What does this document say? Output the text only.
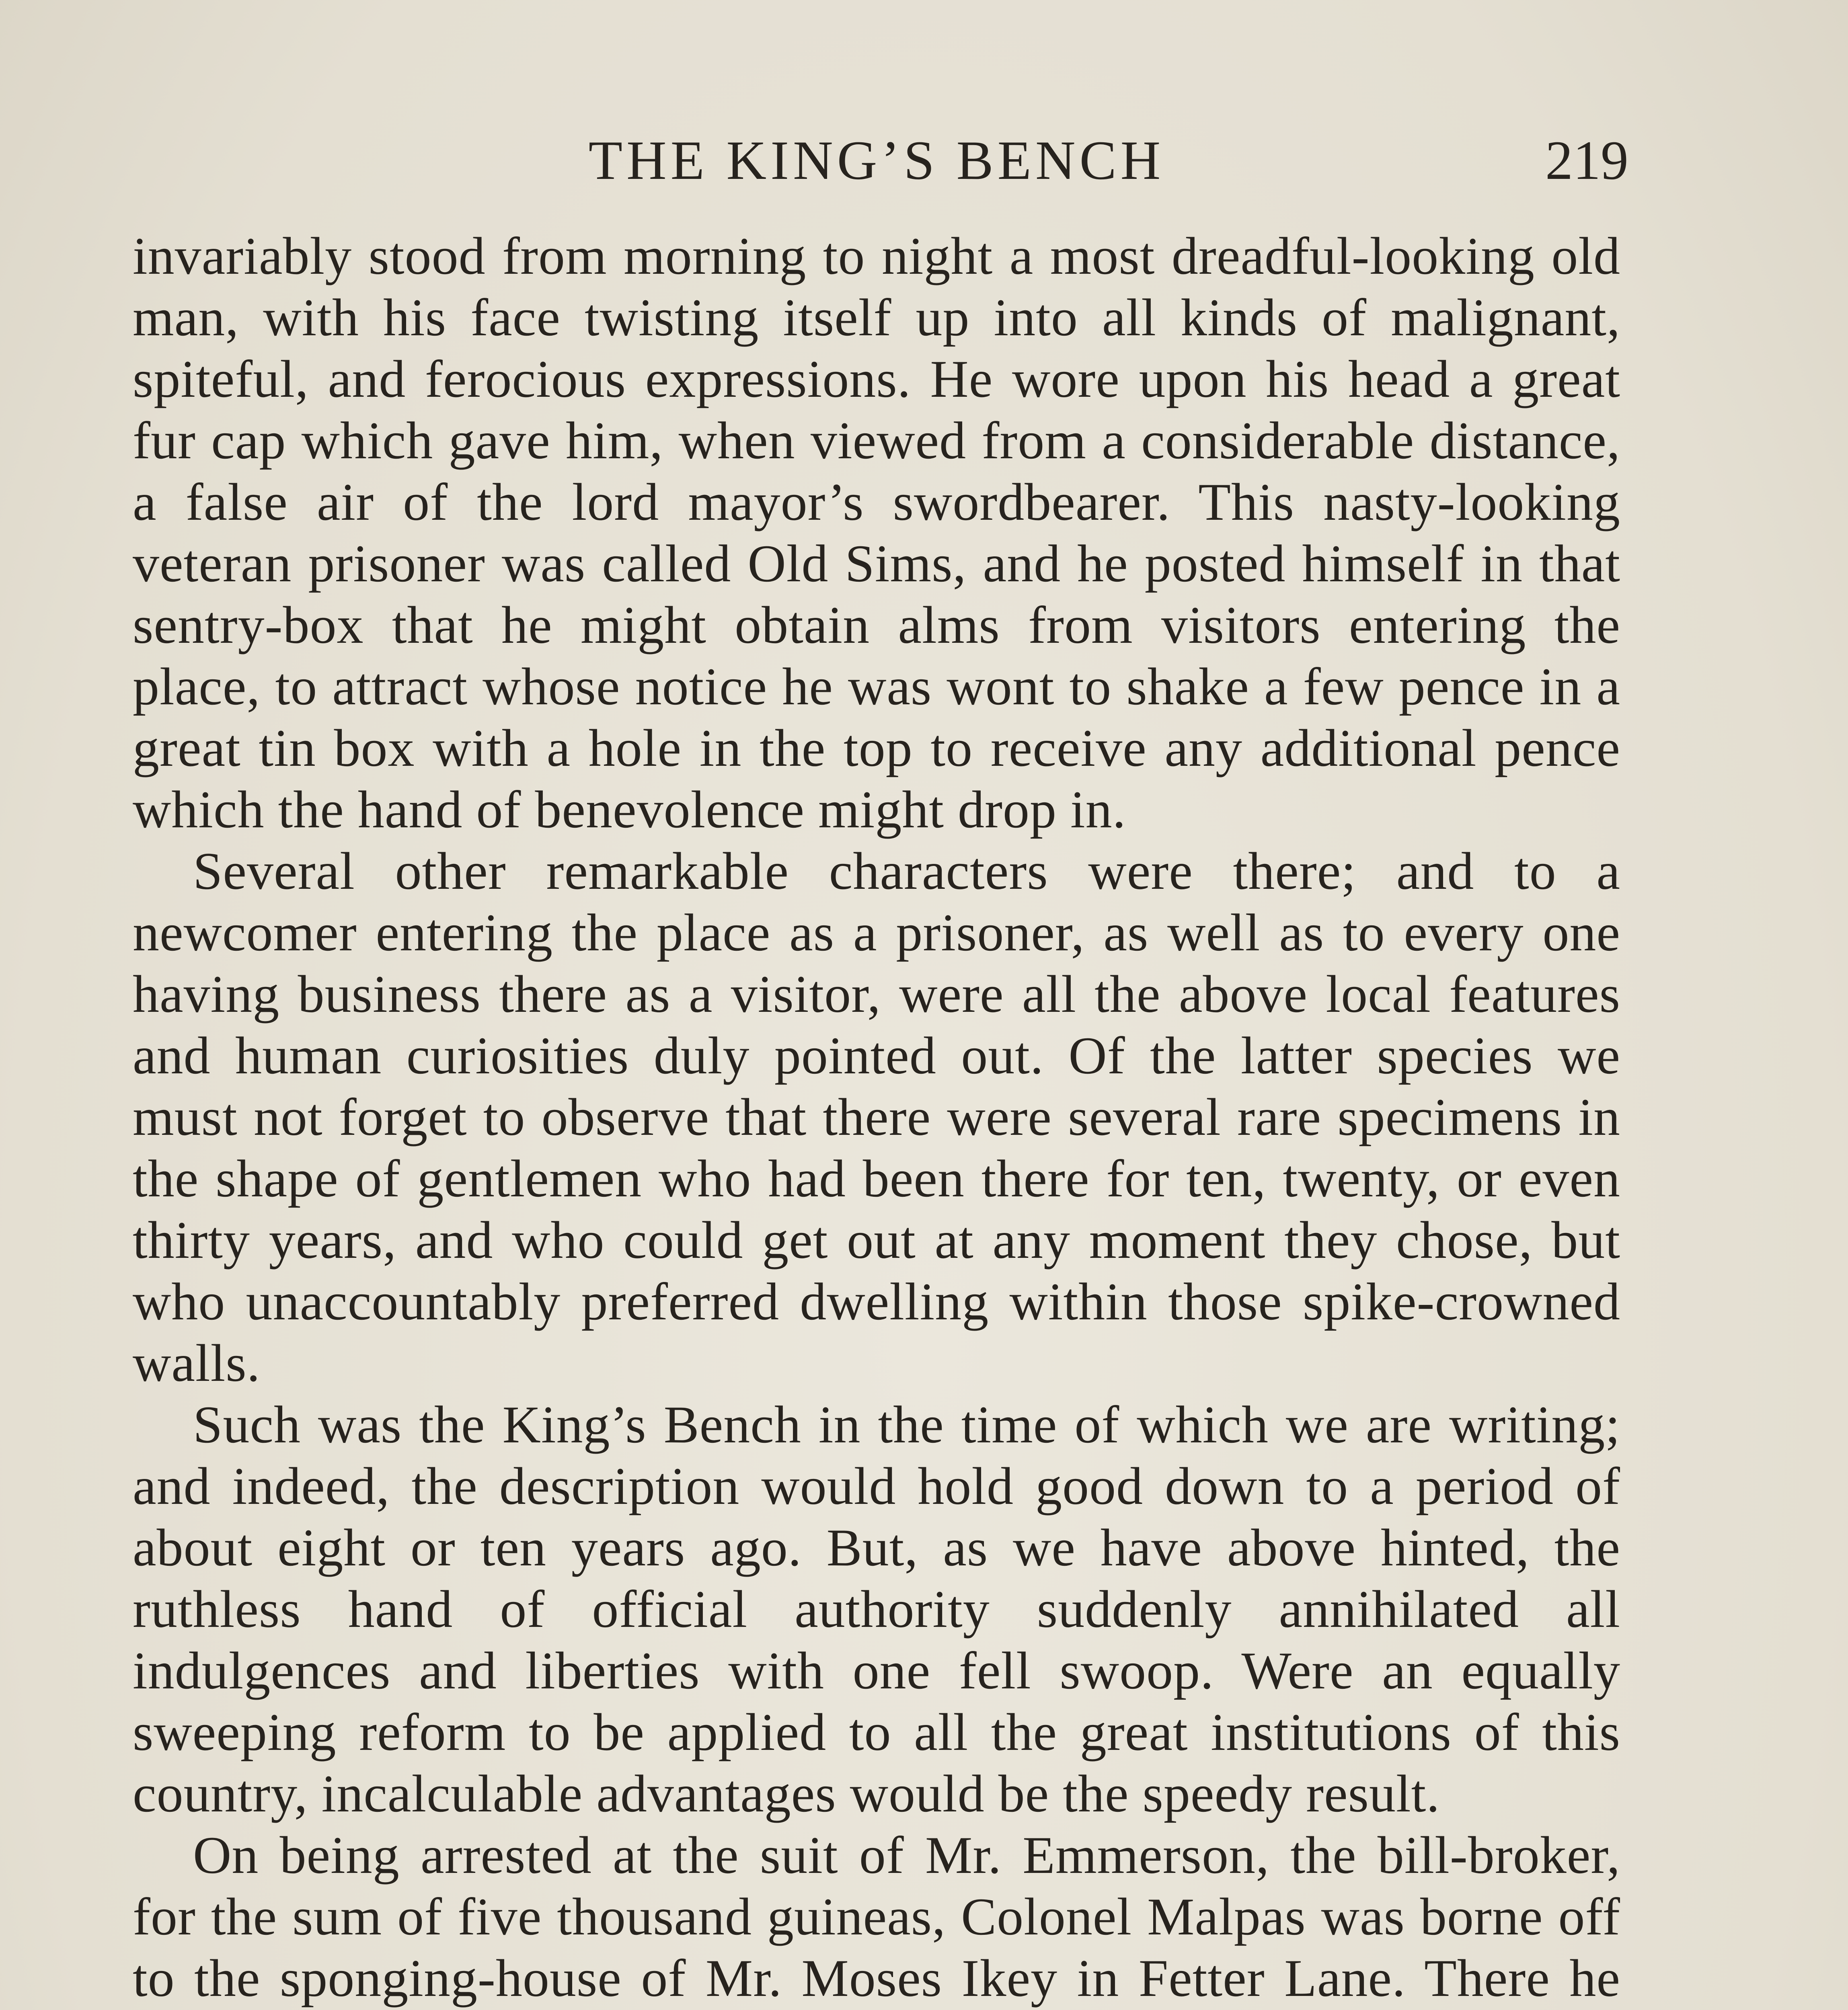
THE KING’S BENCH	219

invariably stood from morning to night a most dreadful-looking old man, with his face twisting itself up into all kinds of malignant, spiteful, and ferocious expressions. He wore upon his head a great fur cap which gave him, when viewed from a considerable distance, a false air of the lord mayor’s swordbearer. This nasty-looking veteran prisoner was called Old Sims, and he posted himself in that sentry-box that he might obtain alms from visitors entering the place, to attract whose notice he was wont to shake a few pence in a great tin box with a hole in the top to receive any additional pence which the hand of benevolence might drop in.

Several other remarkable characters were there; and to a newcomer entering the place as a prisoner, as well as to every one having business there as a visitor, were all the above local features and human curiosities duly pointed out. Of the latter species we must not forget to observe that there were several rare specimens in the shape of gentlemen who had been there for ten, twenty, or even thirty years, and who could get out at any moment they chose, but who unaccountably preferred dwelling within those spike-crowned walls.

Such was the King’s Bench in the time of which we are writing; and indeed, the description would hold good down to a period of about eight or ten years ago. But, as we have above hinted, the ruthless hand of official authority suddenly annihilated all indulgences and liberties with one fell swoop. Were an equally sweeping reform to be applied to all the great institutions of this country, incalculable advantages would be the speedy result.

On being arrested at the suit of Mr. Emmerson, the bill-broker, for the sum of five thousand guineas, Colonel Malpas was borne off to the sponging-house of Mr. Moses Ikey in Fetter Lane. There he
